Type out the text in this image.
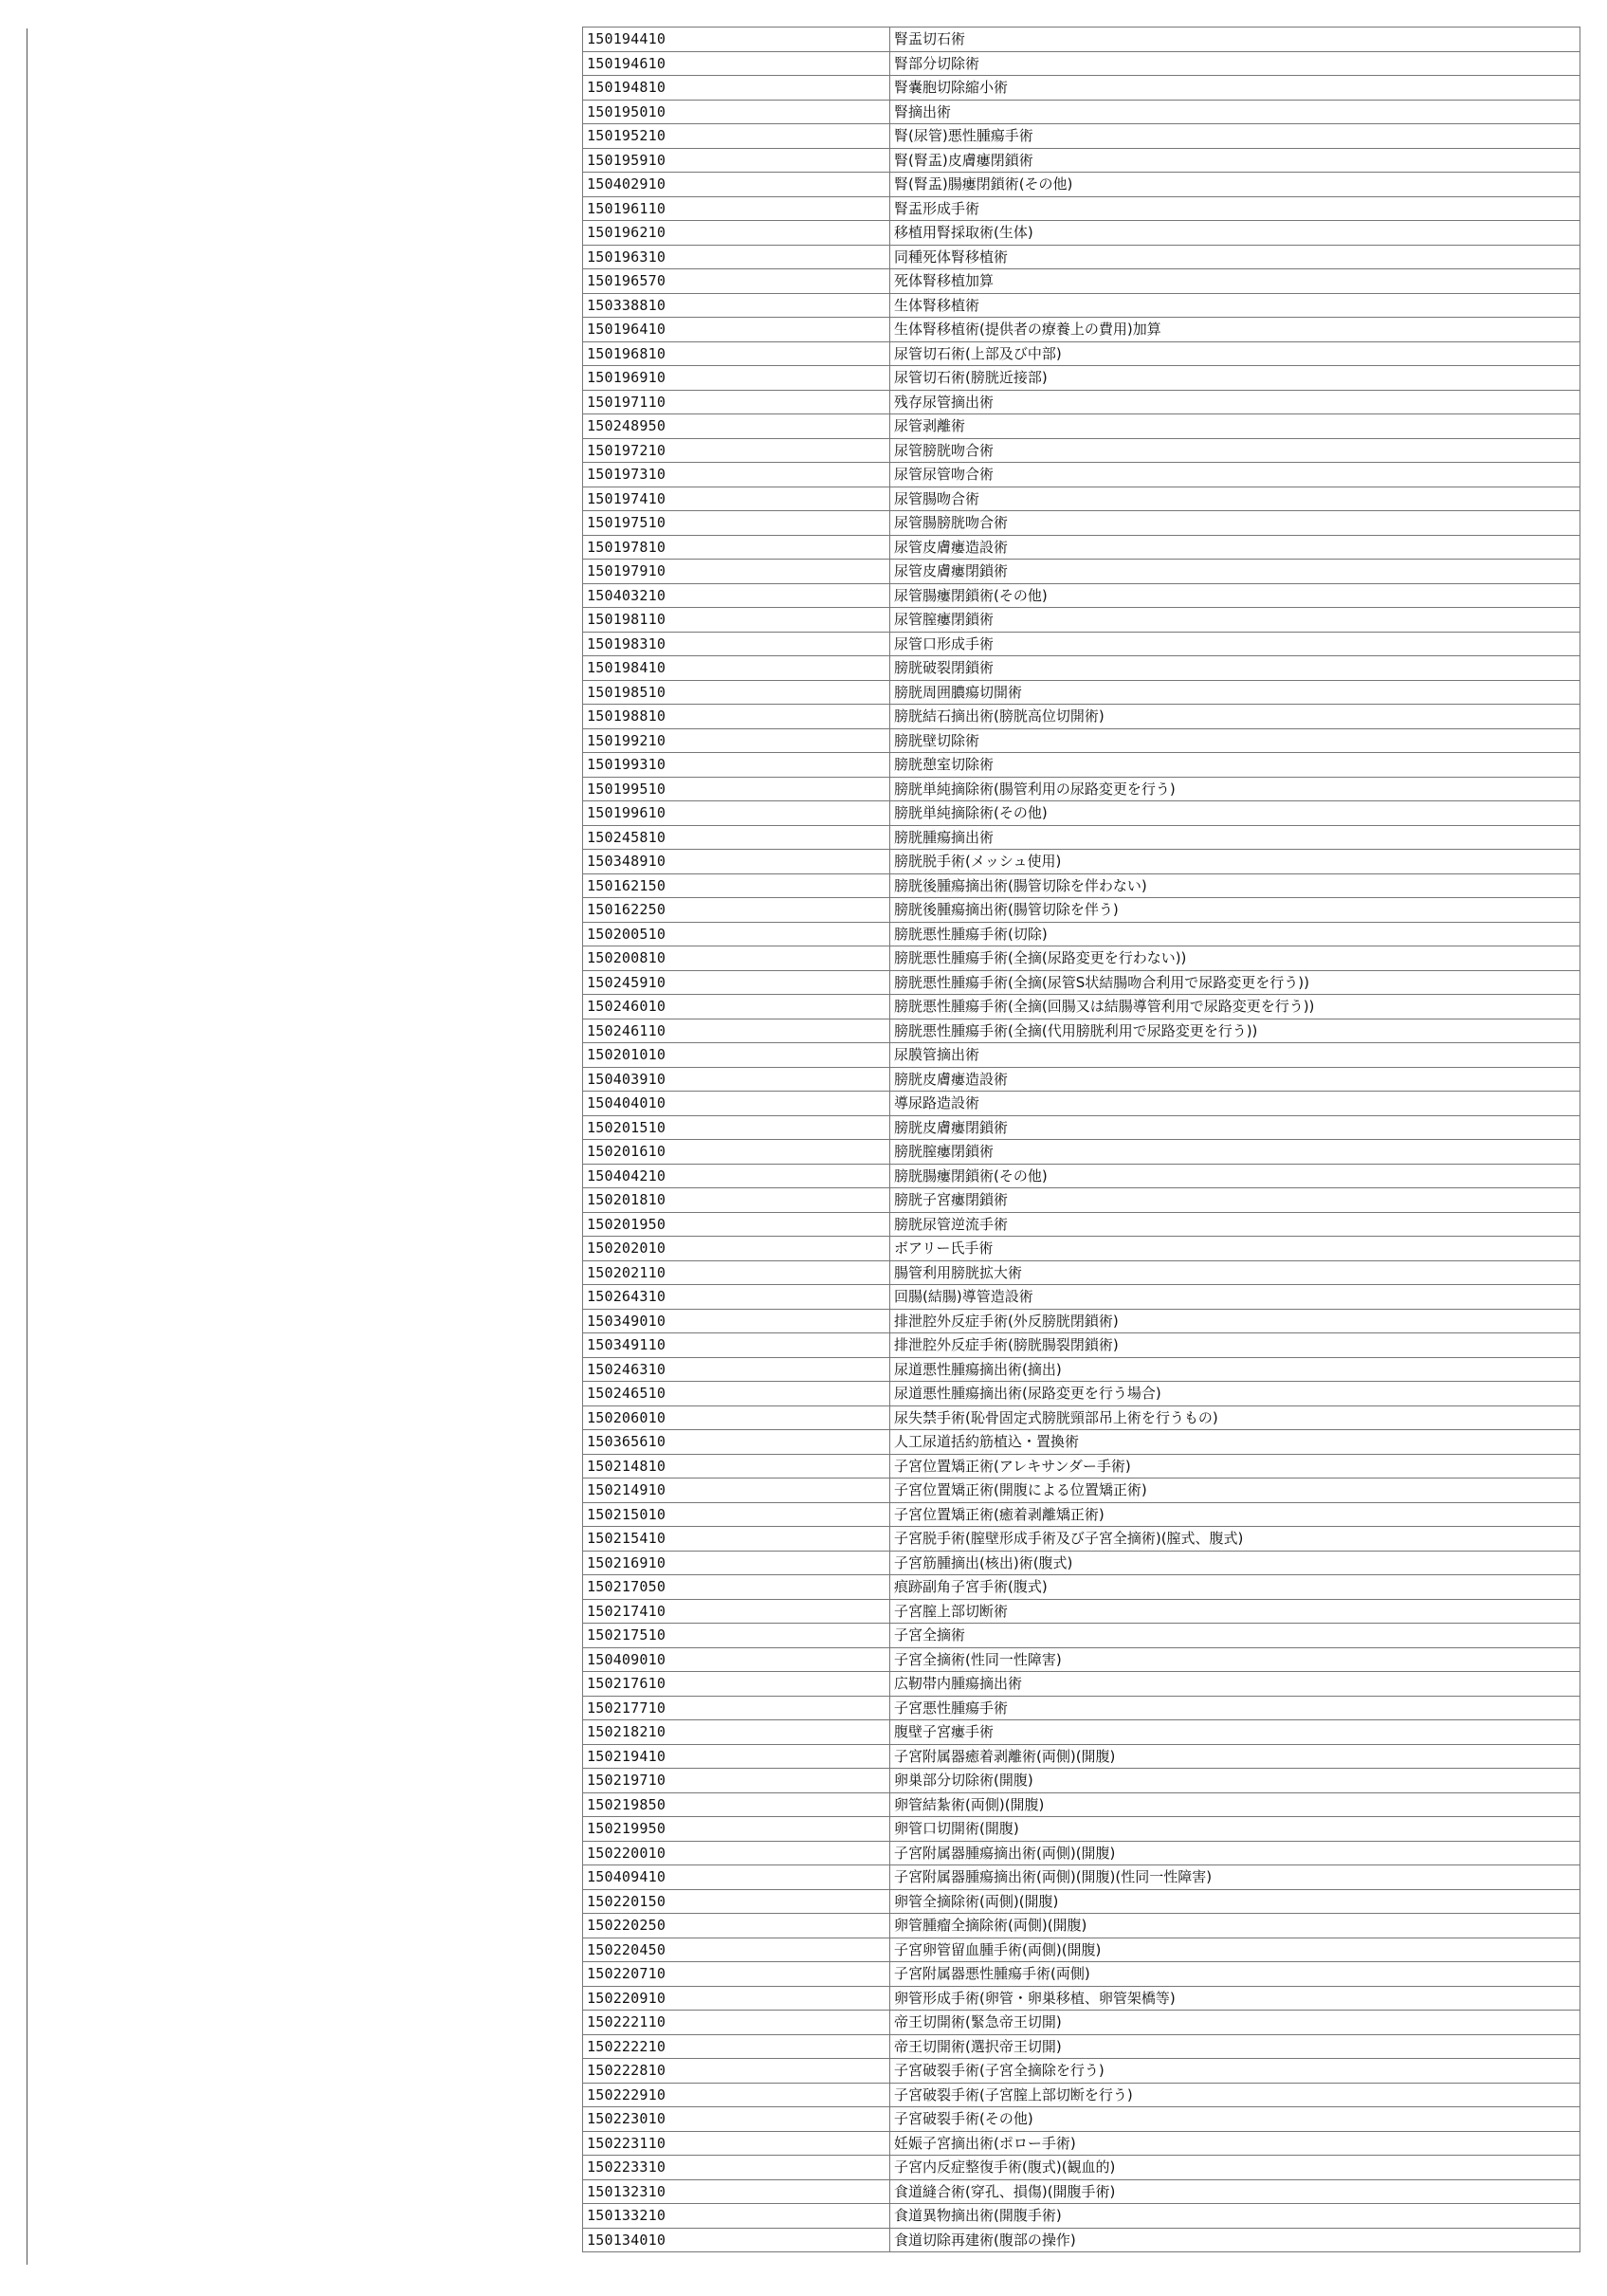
150194410	腎盂切石術
150194610	腎部分切除術
150194810	腎嚢胞切除縮小術
150195010	腎摘出術
150195210	腎(尿管)悪性腫瘍手術
150195910	腎(腎盂)皮膚瘻閉鎖術
150402910	腎(腎盂)腸瘻閉鎖術(その他)
150196110	腎盂形成手術
150196210	移植用腎採取術(生体)
150196310	同種死体腎移植術
150196570	死体腎移植加算
150338810	生体腎移植術
150196410	生体腎移植術(提供者の療養上の費用)加算
150196810	尿管切石術(上部及び中部)
150196910	尿管切石術(膀胱近接部)
150197110	残存尿管摘出術
150248950	尿管剥離術
150197210	尿管膀胱吻合術
150197310	尿管尿管吻合術
150197410	尿管腸吻合術
150197510	尿管腸膀胱吻合術
150197810	尿管皮膚瘻造設術
150197910	尿管皮膚瘻閉鎖術
150403210	尿管腸瘻閉鎖術(その他)
150198110	尿管膣瘻閉鎖術
150198310	尿管口形成手術
150198410	膀胱破裂閉鎖術
150198510	膀胱周囲膿瘍切開術
150198810	膀胱結石摘出術(膀胱高位切開術)
150199210	膀胱壁切除術
150199310	膀胱憩室切除術
150199510	膀胱単純摘除術(腸管利用の尿路変更を行う)
150199610	膀胱単純摘除術(その他)
150245810	膀胱腫瘍摘出術
150348910	膀胱脱手術(メッシュ使用)
150162150	膀胱後腫瘍摘出術(腸管切除を伴わない)
150162250	膀胱後腫瘍摘出術(腸管切除を伴う)
150200510	膀胱悪性腫瘍手術(切除)
150200810	膀胱悪性腫瘍手術(全摘(尿路変更を行わない))
150245910	膀胱悪性腫瘍手術(全摘(尿管S状結腸吻合利用で尿路変更を行う))
150246010	膀胱悪性腫瘍手術(全摘(回腸又は結腸導管利用で尿路変更を行う))
150246110	膀胱悪性腫瘍手術(全摘(代用膀胱利用で尿路変更を行う))
150201010	尿膜管摘出術
150403910	膀胱皮膚瘻造設術
150404010	導尿路造設術
150201510	膀胱皮膚瘻閉鎖術
150201610	膀胱膣瘻閉鎖術
150404210	膀胱腸瘻閉鎖術(その他)
150201810	膀胱子宮瘻閉鎖術
150201950	膀胱尿管逆流手術
150202010	ボアリー氏手術
150202110	腸管利用膀胱拡大術
150264310	回腸(結腸)導管造設術
150349010	排泄腔外反症手術(外反膀胱閉鎖術)
150349110	排泄腔外反症手術(膀胱腸裂閉鎖術)
150246310	尿道悪性腫瘍摘出術(摘出)
150246510	尿道悪性腫瘍摘出術(尿路変更を行う場合)
150206010	尿失禁手術(恥骨固定式膀胱頸部吊上術を行うもの)
150365610	人工尿道括約筋植込・置換術
150214810	子宮位置矯正術(アレキサンダー手術)
150214910	子宮位置矯正術(開腹による位置矯正術)
150215010	子宮位置矯正術(癒着剥離矯正術)
150215410	子宮脱手術(膣壁形成手術及び子宮全摘術)(膣式、腹式)
150216910	子宮筋腫摘出(核出)術(腹式)
150217050	痕跡副角子宮手術(腹式)
150217410	子宮膣上部切断術
150217510	子宮全摘術
150409010	子宮全摘術(性同一性障害)
150217610	広靭帯内腫瘍摘出術
150217710	子宮悪性腫瘍手術
150218210	腹壁子宮瘻手術
150219410	子宮附属器癒着剥離術(両側)(開腹)
150219710	卵巣部分切除術(開腹)
150219850	卵管結紮術(両側)(開腹)
150219950	卵管口切開術(開腹)
150220010	子宮附属器腫瘍摘出術(両側)(開腹)
150409410	子宮附属器腫瘍摘出術(両側)(開腹)(性同一性障害)
150220150	卵管全摘除術(両側)(開腹)
150220250	卵管腫瘤全摘除術(両側)(開腹)
150220450	子宮卵管留血腫手術(両側)(開腹)
150220710	子宮附属器悪性腫瘍手術(両側)
150220910	卵管形成手術(卵管・卵巣移植、卵管架橋等)
150222110	帝王切開術(緊急帝王切開)
150222210	帝王切開術(選択帝王切開)
150222810	子宮破裂手術(子宮全摘除を行う)
150222910	子宮破裂手術(子宮膣上部切断を行う)
150223010	子宮破裂手術(その他)
150223110	妊娠子宮摘出術(ポロー手術)
150223310	子宮内反症整復手術(腹式)(観血的)
150132310	食道縫合術(穿孔、損傷)(開腹手術)
150133210	食道異物摘出術(開腹手術)
150134010	食道切除再建術(腹部の操作)
